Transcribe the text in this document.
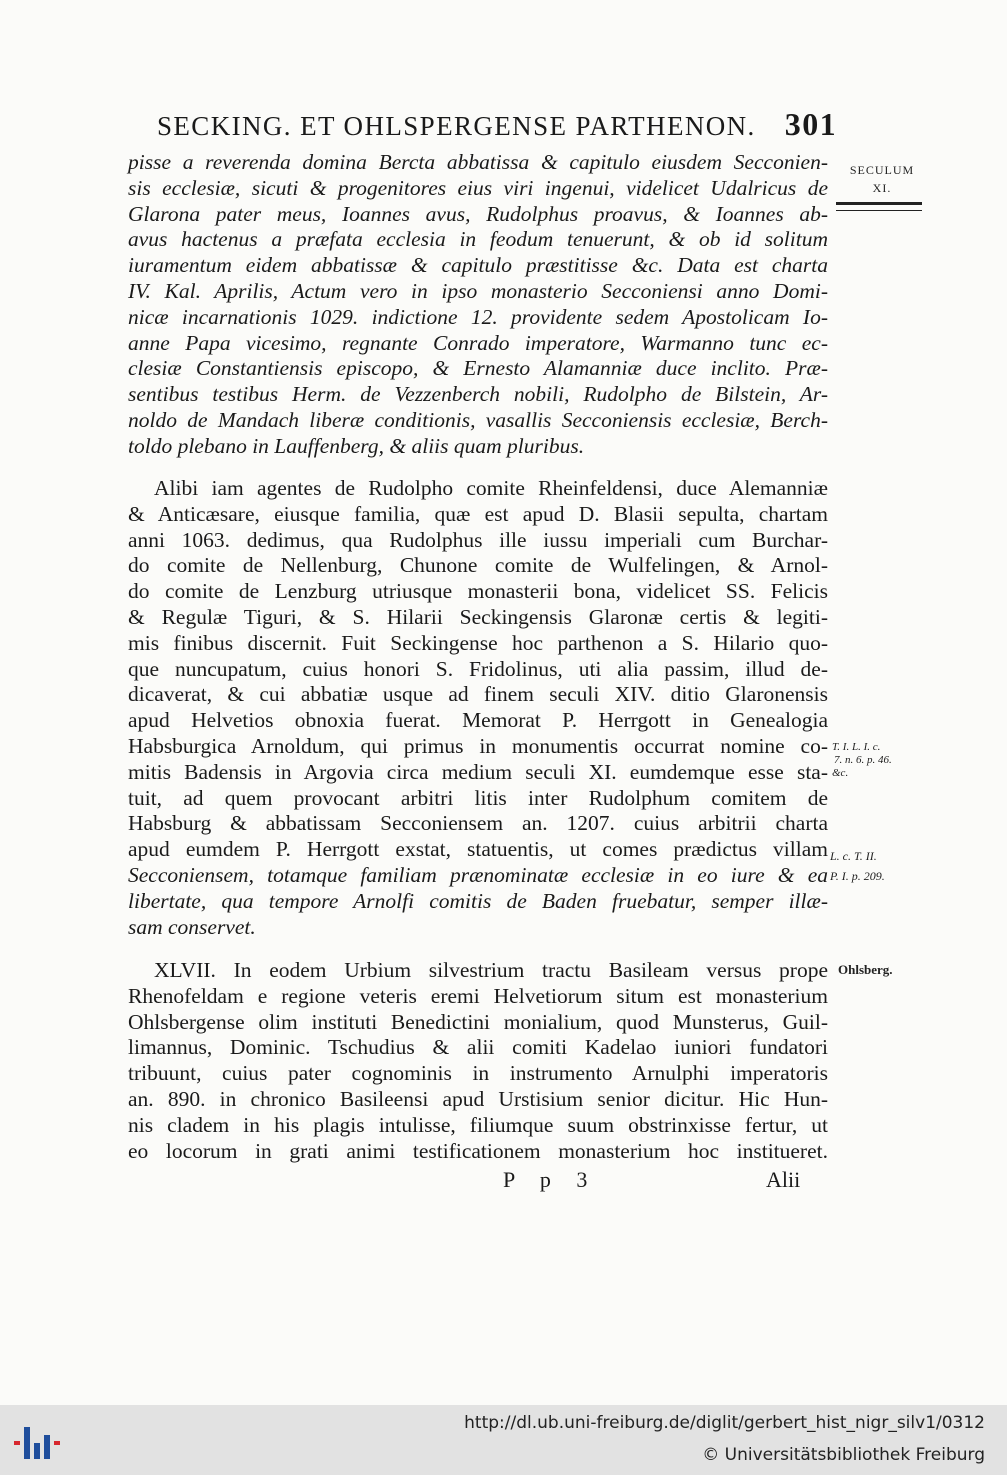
SECKING. ET OHLSPERGENSE PARTHENON. 301
pisse a reverenda domina Bercta abbatissa & capitulo eiusdem Secconien-
sis ecclesiæ, sicuti & progenitores eius viri ingenui, videlicet Udalricus de
Glarona pater meus, Ioannes avus, Rudolphus proavus, & Ioannes ab-
avus hactenus a præfata ecclesia in feodum tenuerunt, & ob id solitum
iuramentum eidem abbatissæ & capitulo præstitisse &c. Data est charta
IV. Kal. Aprilis, Actum vero in ipso monasterio Secconiensi anno Domi-
nicæ incarnationis 1029. indictione 12. providente sedem Apostolicam Io-
anne Papa vicesimo, regnante Conrado imperatore, Warmanno tunc ec-
clesiæ Constantiensis episcopo, & Ernesto Alamanniæ duce inclito. Præ-
sentibus testibus Herm. de Vezzenberch nobili, Rudolpho de Bilstein, Ar-
noldo de Mandach liberæ conditionis, vasallis Secconiensis ecclesiæ, Berch-
toldo plebano in Lauffenberg, & aliis quam pluribus.
Alibi iam agentes de Rudolpho comite Rheinfeldensi, duce Alemanniæ
& Anticæsare, eiusque familia, quæ est apud D. Blasii sepulta, chartam
anni 1063. dedimus, qua Rudolphus ille iussu imperiali cum Burchar-
do comite de Nellenburg, Chunone comite de Wulfelingen, & Arnol-
do comite de Lenzburg utriusque monasterii bona, videlicet SS. Felicis
& Regulæ Tiguri, & S. Hilarii Seckingensis Glaronæ certis & legiti-
mis finibus discernit. Fuit Seckingense hoc parthenon a S. Hilario quo-
que nuncupatum, cuius honori S. Fridolinus, uti alia passim, illud de-
dicaverat, & cui abbatiæ usque ad finem seculi XIV. ditio Glaronensis
apud Helvetios obnoxia fuerat. Memorat P. Herrgott in Genealogia
Habsburgica Arnoldum, qui primus in monumentis occurrat nomine co-
mitis Badensis in Argovia circa medium seculi XI. eumdemque esse sta-
tuit, ad quem provocant arbitri litis inter Rudolphum comitem de
Habsburg & abbatissam Secconiensem an. 1207. cuius arbitrii charta
apud eumdem P. Herrgott exstat, statuentis, ut comes prædictus villam
Secconiensem, totamque familiam prænominatæ ecclesiæ in eo iure & ea
libertate, qua tempore Arnolfi comitis de Baden fruebatur, semper illæ-
sam conservet.
XLVII. In eodem Urbium silvestrium tractu Basileam versus prope
Rhenofeldam e regione veteris eremi Helvetiorum situm est monasterium
Ohlsbergense olim instituti Benedictini monialium, quod Munsterus, Guil-
limannus, Dominic. Tschudius & alii comiti Kadelao iuniori fundatori
tribuunt, cuius pater cognominis in instrumento Arnulphi imperatoris
an. 890. in chronico Basileensi apud Urstisium senior dicitur. Hic Hun-
nis cladem in his plagis intulisse, filiumque suum obstrinxisse fertur, ut
eo locorum in grati animi testificationem monasterium hoc institueret.
SECULUM
XI.
T. I. L. I. c.
7. n. 6. p. 46.
&c.
L. c. T. II.
P. I. p. 209.
Ohlsberg.
P p 3	Alii
http://dl.ub.uni-freiburg.de/diglit/gerbert_hist_nigr_silv1/0312
© Universitätsbibliothek Freiburg
